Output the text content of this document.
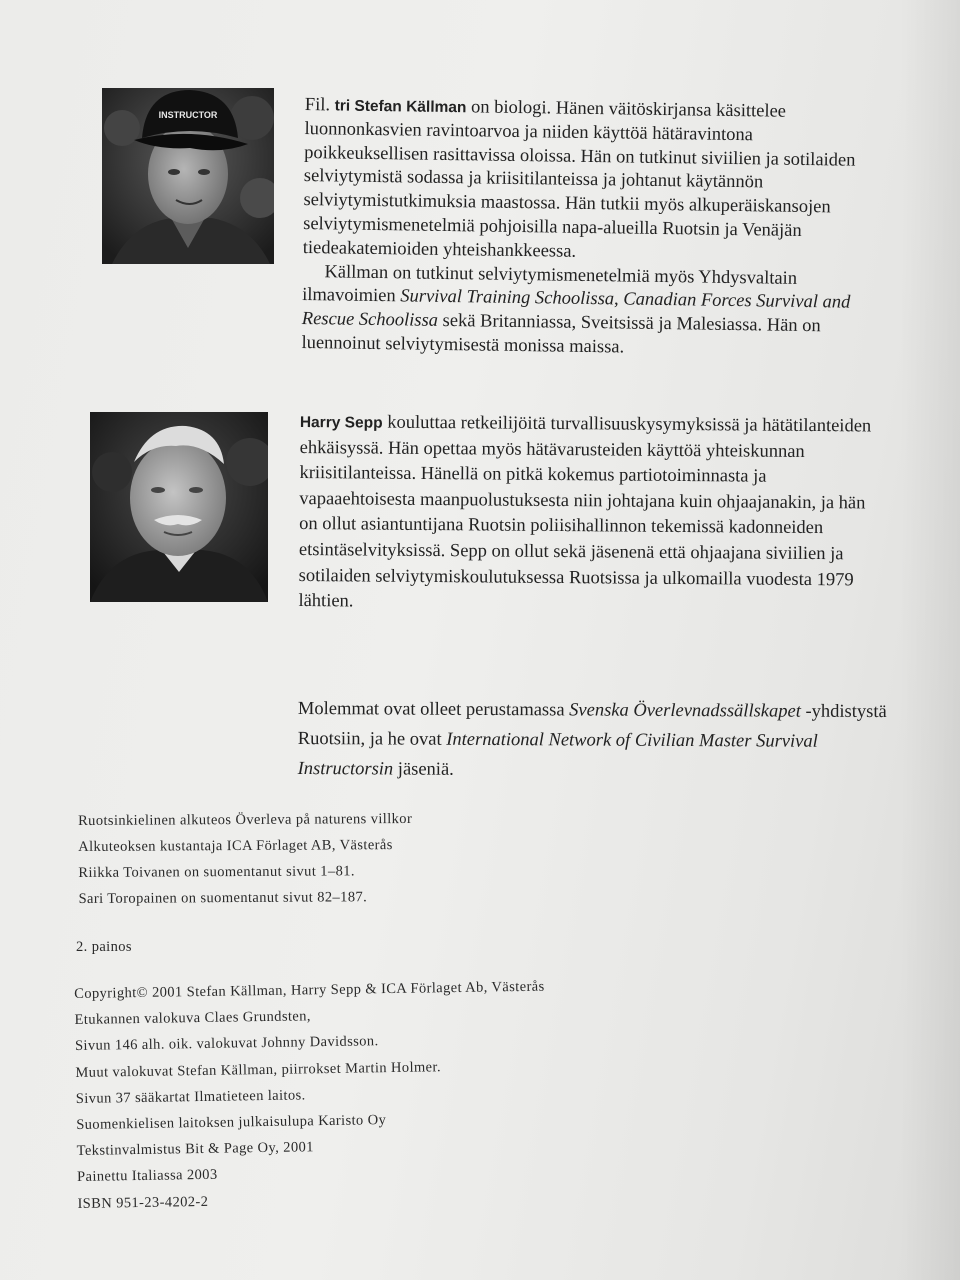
INSTRUCTOR	Fil. tri Stefan Källman on biologi. Hänen väitöskirjansa käsittelee luonnonkasvien ravintoarvoa ja niiden käyttöä hätäravintona poikkeuksellisen rasittavissa oloissa. Hän on tutkinut siviilien ja sotilaiden selviytymistä sodassa ja kriisitilanteissa ja johtanut käytännön selviytymistutkimuksia maastossa. Hän tutkii myös alkuperäiskansojen selviytymismenetelmiä pohjoisilla napa-alueilla Ruotsin ja Venäjän tiedeakatemioiden yhteishankkeessa.

Källman on tutkinut selviytymismenetelmiä myös Yhdysvaltain ilmavoimien Survival Training Schoolissa, Canadian Forces Survival and Rescue Schoolissa sekä Britanniassa, Sveitsissä ja Malesiassa. Hän on luennoinut selviytymisestä monissa maissa.

Harry Sepp kouluttaa retkeilijöitä turvallisuuskysymyksissä ja hätätilanteiden ehkäisyssä. Hän opettaa myös hätävarusteiden käyttöä yhteiskunnan kriisitilanteissa. Hänellä on pitkä kokemus partiotoiminnasta ja vapaaehtoisesta maanpuolustuksesta niin johtajana kuin ohjaajanakin, ja hän on ollut asiantuntijana Ruotsin poliisihallinnon tekemissä kadonneiden etsintäselvityksissä. Sepp on ollut sekä jäsenenä että ohjaajana siviilien ja sotilaiden selviytymiskoulutuksessa Ruotsissa ja ulkomailla vuodesta 1979 lähtien.

Molemmat ovat olleet perustamassa Svenska Överlevnadssällskapet -yhdistystä Ruotsiin, ja he ovat International Network of Civilian Master Survival Instructorsin jäseniä.

Ruotsinkielinen alkuteos Överleva på naturens villkor
Alkuteoksen kustantaja ICA Förlaget AB, Västerås
Riikka Toivanen on suomentanut sivut 1–81.
Sari Toropainen on suomentanut sivut 82–187.
2. painos
Copyright© 2001 Stefan Källman, Harry Sepp & ICA Förlaget Ab, Västerås
Etukannen valokuva Claes Grundsten,
Sivun 146 alh. oik. valokuvat Johnny Davidsson.
Muut valokuvat Stefan Källman, piirrokset Martin Holmer.
Sivun 37 sääkartat Ilmatieteen laitos.
Suomenkielisen laitoksen julkaisulupa Karisto Oy
Tekstinvalmistus Bit & Page Oy, 2001
Painettu Italiassa 2003
ISBN 951-23-4202-2
